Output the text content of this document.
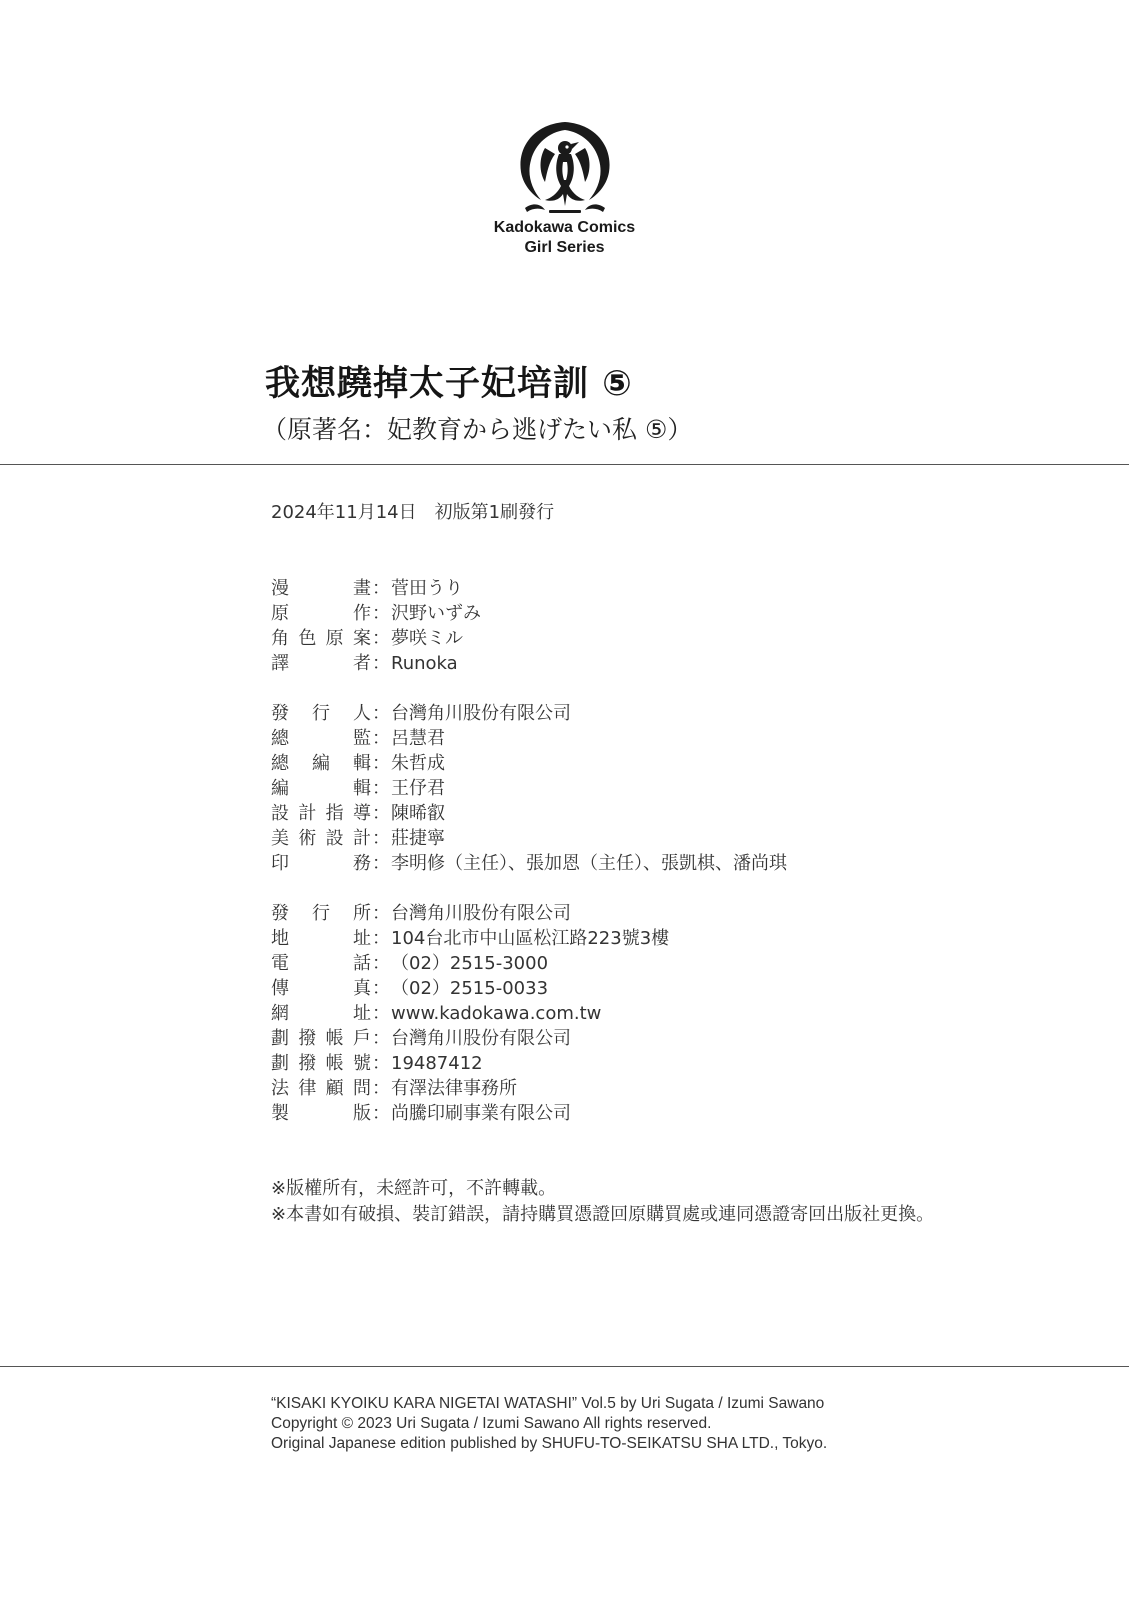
Kadokawa Comics
Girl Series
我想蹺掉太子妃培訓 ⑤
（原著名：妃教育から逃げたい私 ⑤）
2024年11月14日　初版第1刷發行
漫	畫 ： 菅田うり
原	作 ： 沢野いずみ
角 色 原 案 ： 夢咲ミル
譯	者 ： Runoka
發 行 人 ： 台灣角川股份有限公司
總	監 ： 呂慧君
總 編 輯 ： 朱哲成
編	輯 ： 王伃君
設 計 指 導 ： 陳晞叡
美 術 設 計 ： 莊捷寧
印	務 ： 李明修（主任）、張加恩（主任）、張凱棋、潘尚琪
發 行 所 ： 台灣角川股份有限公司
地	址 ： 104台北市中山區松江路223號3樓
電	話 ： （02）2515-3000
傳	真 ： （02）2515-0033
網	址 ： www.kadokawa.com.tw
劃 撥 帳 戶 ： 台灣角川股份有限公司
劃 撥 帳 號 ： 19487412
法 律 顧 問 ： 有澤法律事務所
製	版 ： 尚騰印刷事業有限公司
※版權所有，未經許可，不許轉載。
※本書如有破損、裝訂錯誤，請持購買憑證回原購買處或連同憑證寄回出版社更換。
“KISAKI KYOIKU KARA NIGETAI WATASHI” Vol.5 by Uri Sugata / Izumi Sawano
Copyright © 2023 Uri Sugata / Izumi Sawano All rights reserved.
Original Japanese edition published by SHUFU-TO-SEIKATSU SHA LTD., Tokyo.
